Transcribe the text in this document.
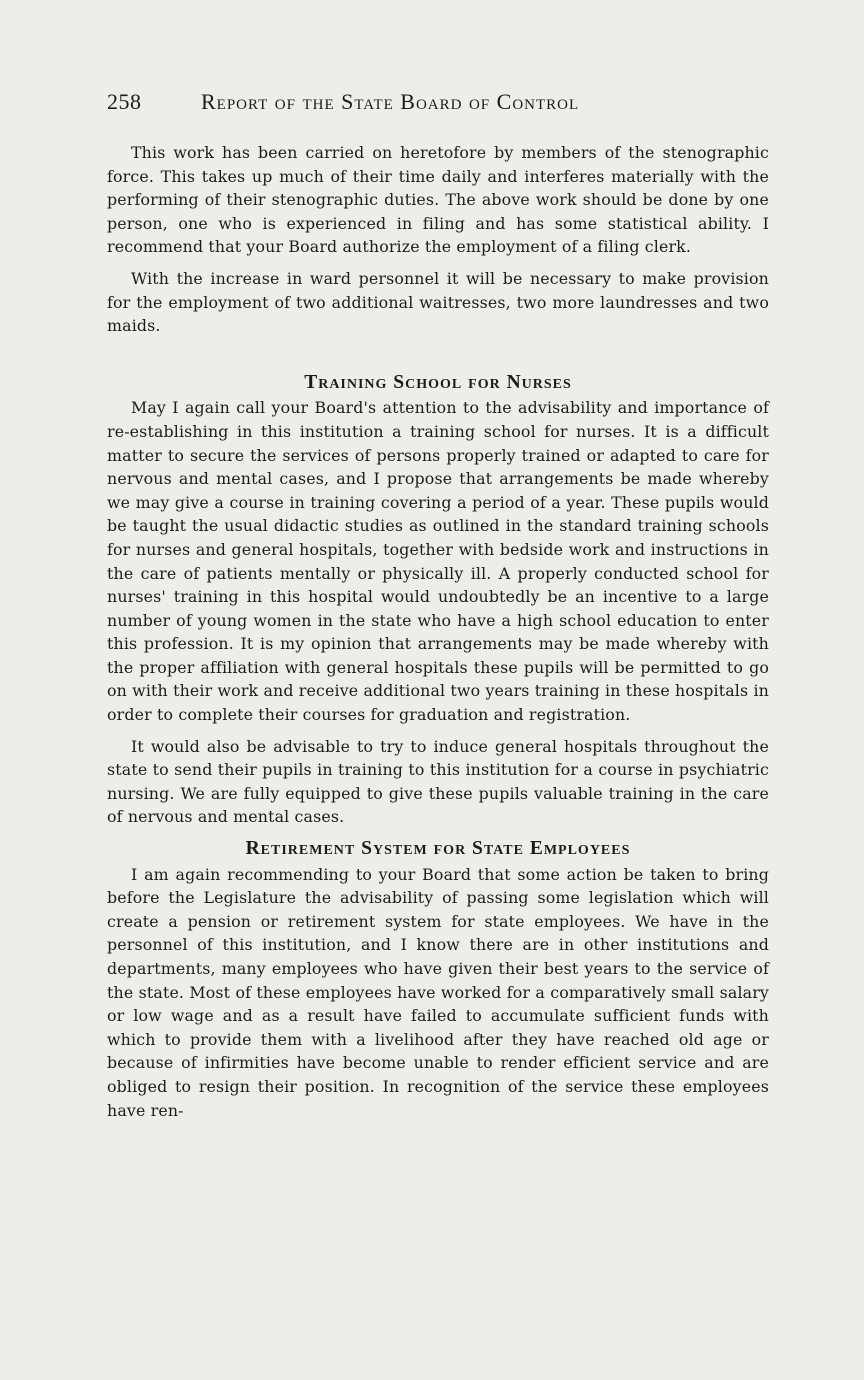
258	Report of the State Board of Control

This work has been carried on heretofore by members of the stenographic force. This takes up much of their time daily and interferes materially with the performing of their stenographic duties. The above work should be done by one person, one who is experienced in filing and has some statistical ability. I recommend that your Board authorize the employment of a filing clerk.

With the increase in ward personnel it will be necessary to make provision for the employment of two additional waitresses, two more laundresses and two maids.

Training School for Nurses

May I again call your Board's attention to the advisability and importance of re-establishing in this institution a training school for nurses. It is a difficult matter to secure the services of persons properly trained or adapted to care for nervous and mental cases, and I propose that arrangements be made whereby we may give a course in training covering a period of a year. These pupils would be taught the usual didactic studies as outlined in the standard training schools for nurses and general hospitals, together with bedside work and instructions in the care of patients mentally or physically ill. A properly conducted school for nurses' training in this hospital would undoubtedly be an incentive to a large number of young women in the state who have a high school education to enter this profession. It is my opinion that arrangements may be made whereby with the proper affiliation with general hospitals these pupils will be permitted to go on with their work and receive additional two years training in these hospitals in order to complete their courses for graduation and registration.

It would also be advisable to try to induce general hospitals throughout the state to send their pupils in training to this institution for a course in psychiatric nursing. We are fully equipped to give these pupils valuable training in the care of nervous and mental cases.

Retirement System for State Employees

I am again recommending to your Board that some action be taken to bring before the Legislature the advisability of passing some legislation which will create a pension or retirement system for state employees. We have in the personnel of this institution, and I know there are in other institutions and departments, many employees who have given their best years to the service of the state. Most of these employees have worked for a comparatively small salary or low wage and as a result have failed to accumulate sufficient funds with which to provide them with a livelihood after they have reached old age or because of infirmities have become unable to render efficient service and are obliged to resign their position. In recognition of the service these employees have ren-
